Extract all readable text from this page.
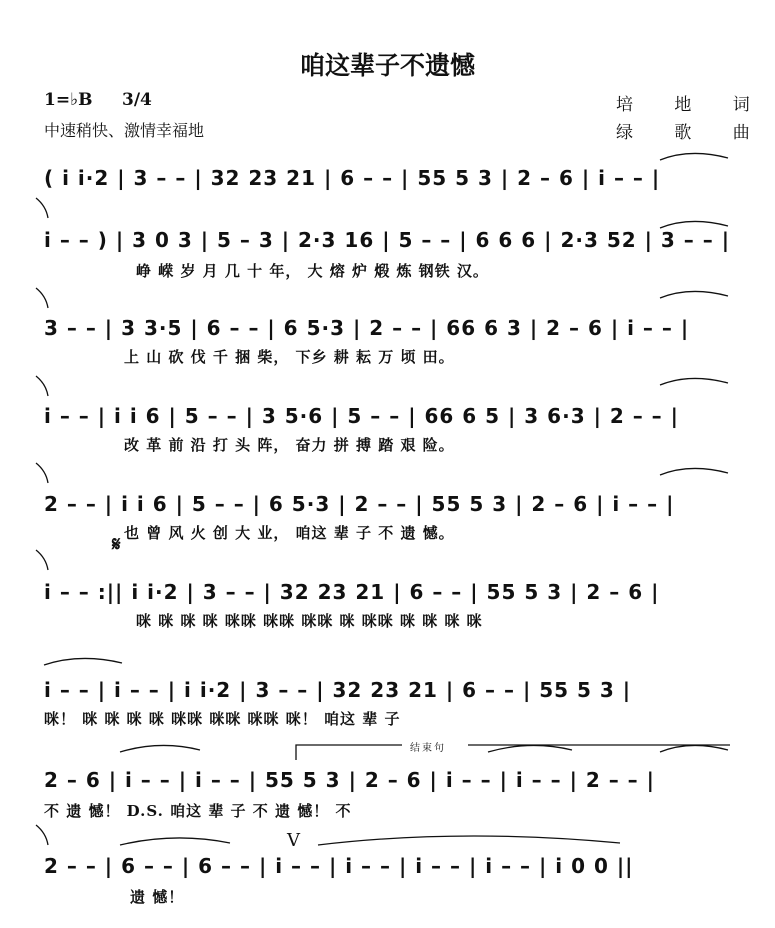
咱这辈子不遗憾
1=♭B 3/4
中速稍快、激情幸福地
培 地 词
绿 歌 曲
结束句
𝄋
V
( i i·2 | 3 – – | 32 23 21 | 6 – – | 55 5 3 | 2 – 6 | i – – |
i – – ) | 3 0 3 | 5 – 3 | 2·3 16 | 5 – – | 6 6 6 | 2·3 52 | 3 – – |
峥 嵘 岁 月 几 十 年， 大 熔 炉 煅 炼 钢铁 汉。
3 – – | 3 3·5 | 6 – – | 6 5·3 | 2 – – | 66 6 3 | 2 – 6 | i – – |
上 山 砍 伐 千 捆 柴， 下乡 耕 耘 万 顷 田。
i – – | i i 6 | 5 – – | 3 5·6 | 5 – – | 66 6 5 | 3 6·3 | 2 – – |
改 革 前 沿 打 头 阵， 奋力 拼 搏 踏 艰 险。
2 – – | i i 6 | 5 – – | 6 5·3 | 2 – – | 55 5 3 | 2 – 6 | i – – |
也 曾 风 火 创 大 业， 咱这 辈 子 不 遗 憾。
i – – :|| i i·2 | 3 – – | 32 23 21 | 6 – – | 55 5 3 | 2 – 6 |
咪 咪 咪 咪 咪咪 咪咪 咪咪 咪 咪咪 咪 咪 咪 咪
i – – | i – – | i i·2 | 3 – – | 32 23 21 | 6 – – | 55 5 3 |
咪！ 咪 咪 咪 咪 咪咪 咪咪 咪咪 咪！ 咱这 辈 子
2 – 6 | i – – | i – – | 55 5 3 | 2 – 6 | i – – | i – – | 2 – – |
不 遗 憾！ D.S. 咱这 辈 子 不 遗 憾！ 不
2 – – | 6 – – | 6 – – | i – – | i – – | i – – | i – – | i 0 0 ||
遗 憾！
